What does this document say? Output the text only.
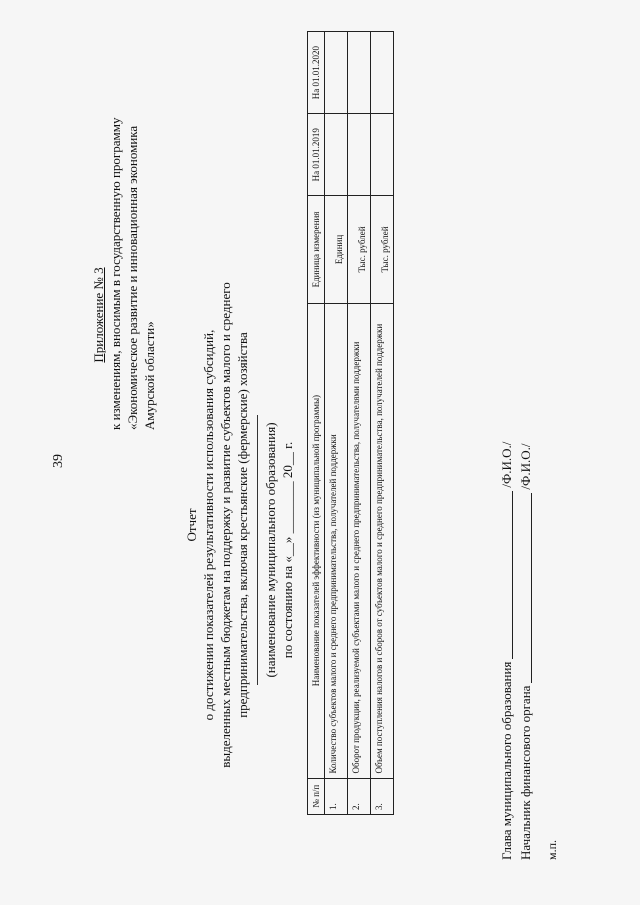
39
Приложение № 3 к изменениям, вносимым в государственную программу «Экономическое развитие и инновационная экономика Амурской области»
Отчет о достижении показателей результативности использования субсидий, выделенных местным бюджетам на поддержку и развитие субъектов малого и среднего предпринимательства, включая крестьянские (фермерские) хозяйства (наименование муниципального образования) по состоянию на «__» ________ 20__ г.
№ п/п	Наименование показателей эффективности (из муниципальной программы)	Единица измерения	На 01.01.2019	На 01.01.2020
1.	Количество субъектов малого и среднего предпринимательства, получателей поддержки	Единиц		
2.	Оборот продукции, реализуемой субъектами малого и среднего предпринимательства, получателями поддержки	Тыс. рублей		
3.	Объем поступления налогов и сборов от субъектов малого и среднего предпринимательства, получателей поддержки	Тыс. рублей		
Глава муниципального образования
/Ф.И.О./
Начальник финансового органа
/Ф.И.О./
м.п.
